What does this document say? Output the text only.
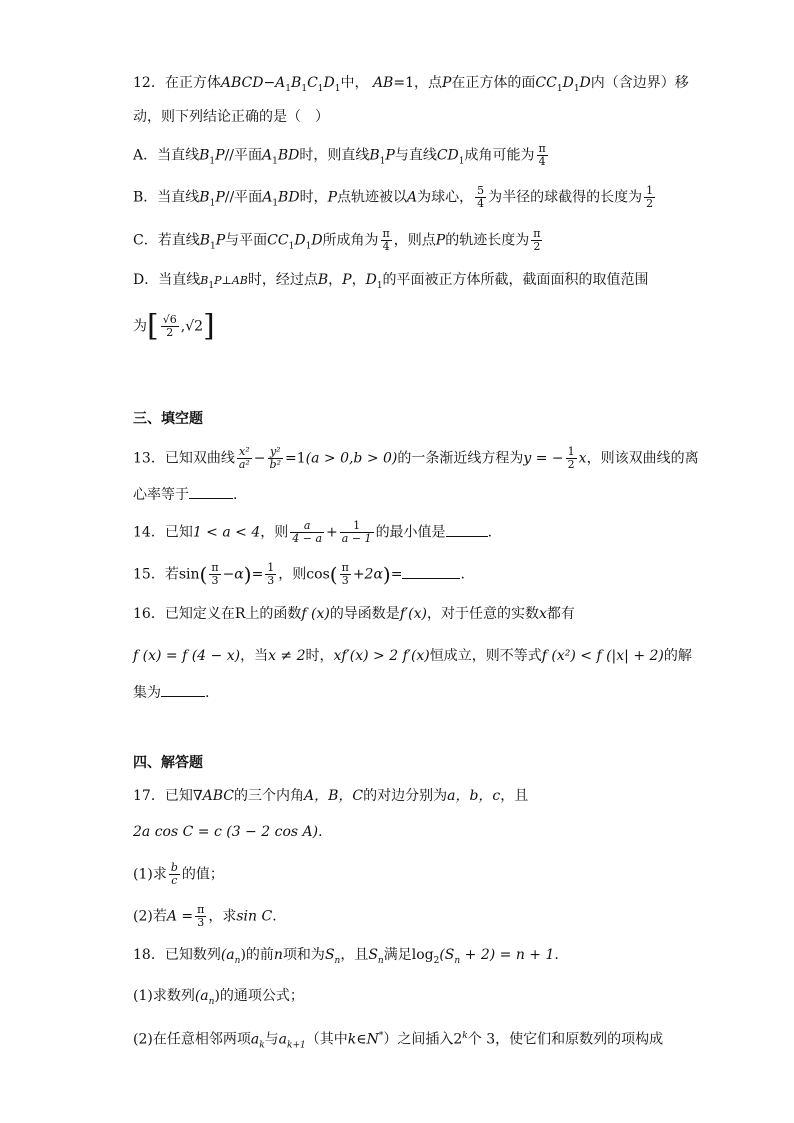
12．在正方体$ABCD-A_1B_1C_1D_1$中， AB=1，点P在正方体的面$CC_1D_1D$内（含边界）移
动，则下列结论正确的是（　）
A．当直线$B_1P//$平面$A_1BD$时，则直线$B_1P$与直线$CD_1$成角可能为 $\frac{\pi}{4}$
B．当直线$B_1P//$平面$A_1BD$时，P点轨迹被以A为球心， $\frac{5}{4}$ 为半径的球截得的长度为 $\frac{1}{2}$
C．若直线$B_1P$与平面$CC_1D_1D$所成角为 $\frac{\pi}{4}$ ，则点P的轨迹长度为 $\frac{\pi}{2}$
D．当直线$B_1P\perp AB$时，经过点B，P，$D_1$的平面被正方体所截，截面面积的取值范围
为[ $\frac{√6}{2} ,√2$]
三、填空题
13．已知双曲线 $\frac{\text{x²}}{\text{a²}} - \frac{\text{y²}}{\text{b²}} =1(a > 0,b > 0)$的一条渐近线方程为y = − $\frac{1}{2}$ x，则该双曲线的离
心率等于	.
14．已知1 < a < 4，则 $\frac{a}{4 - a} + \frac{1}{a - 1}$ 的最小值是	.
15．若$\sin( \frac{\pi}{3} -\alpha)= \frac{1}{3}$ ，则$\cos( \frac{\pi}{3} +2\alpha)=$	.
16．已知定义在R上的函数f (x)的导函数是f′(x)，对于任意的实数x都有
f (x) = f (4 − x)，当x ≠ 2时，xf′(x) > 2 f′(x)恒成立，则不等式f (x²) < f (|x| + 2)的解
集为	.
四、解答题
17．已知∇ABC的三个内角A，B，C的对边分别为a，b，c，且
2a cos C = c (3 − 2 cos A).
(1)求 $\frac{b}{c}$ 的值；
(2)若$A = \frac{\pi}{3}$ ，求sin C.
18．已知数列$(a_n)$的前n项和为$S_n$，且$S_n$满足$\log_2(S_n + 2) = n + 1$.
(1)求数列$(a_n)$的通项公式；
(2)在任意相邻两项$a_k$与$a_{k+1}$（其中k∈N*）之间插入2$^k$个 3，使它们和原数列的项构成
